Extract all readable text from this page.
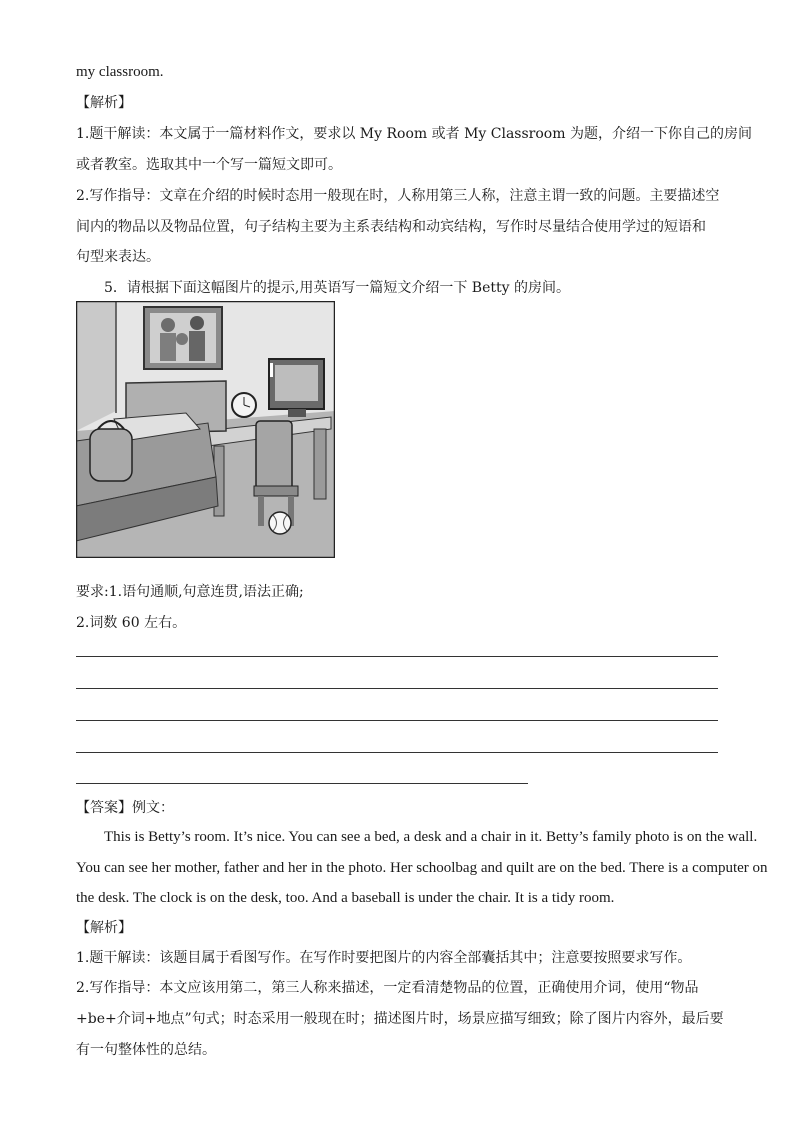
my classroom.
【解析】
1.题干解读：本文属于一篇材料作文，要求以 My Room 或者 My Classroom 为题，介绍一下你自己的房间
或者教室。选取其中一个写一篇短文即可。
2.写作指导：文章在介绍的时候时态用一般现在时，人称用第三人称，注意主谓一致的问题。主要描述空
间内的物品以及物品位置，句子结构主要为主系表结构和动宾结构，写作时尽量结合使用学过的短语和
句型来表达。
5．请根据下面这幅图片的提示,用英语写一篇短文介绍一下 Betty 的房间。
要求:1.语句通顺,句意连贯,语法正确;
2.词数 60 左右。
【答案】例文：
This is Betty’s room. It’s nice. You can see a bed, a desk and a chair in it. Betty’s family photo is on the wall.
You can see her mother, father and her in the photo. Her schoolbag and quilt are on the bed. There is a computer on
the desk. The clock is on the desk, too. And a baseball is under the chair. It is a tidy room.
【解析】
1.题干解读：该题目属于看图写作。在写作时要把图片的内容全部囊括其中；注意要按照要求写作。
2.写作指导：本文应该用第二，第三人称来描述，一定看清楚物品的位置，正确使用介词，使用“物品
+be+介词+地点”句式；时态采用一般现在时；描述图片时，场景应描写细致；除了图片内容外，最后要
有一句整体性的总结。
